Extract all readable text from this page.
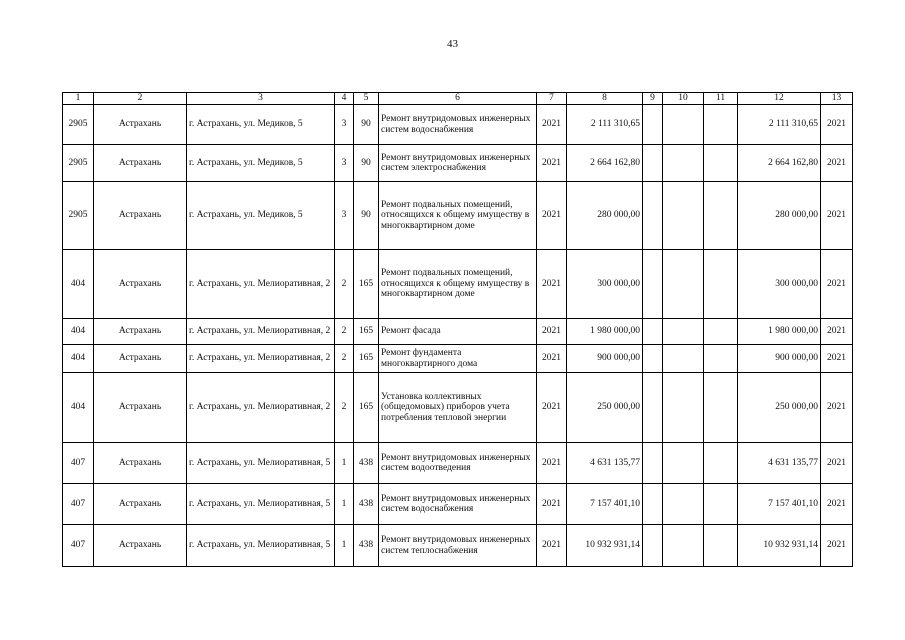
43
1	2	3	4	5	6	7	8	9	10	11	12	13
2905	Астрахань	г. Астрахань, ул. Медиков, 5	3	90	Ремонт внутридомовых инженерных систем водоснабжения	2021	2 111 310,65				2 111 310,65	2021
2905	Астрахань	г. Астрахань, ул. Медиков, 5	3	90	Ремонт внутридомовых инженерных систем электроснабжения	2021	2 664 162,80				2 664 162,80	2021
2905	Астрахань	г. Астрахань, ул. Медиков, 5	3	90	Ремонт подвальных помещений, относящихся к общему имуществу в многоквартирном доме	2021	280 000,00				280 000,00	2021
404	Астрахань	г. Астрахань, ул. Мелиоративная, 2	2	165	Ремонт подвальных помещений, относящихся к общему имуществу в многоквартирном доме	2021	300 000,00				300 000,00	2021
404	Астрахань	г. Астрахань, ул. Мелиоративная, 2	2	165	Ремонт фасада	2021	1 980 000,00				1 980 000,00	2021
404	Астрахань	г. Астрахань, ул. Мелиоративная, 2	2	165	Ремонт фундамента многоквартирного дома	2021	900 000,00				900 000,00	2021
404	Астрахань	г. Астрахань, ул. Мелиоративная, 2	2	165	Установка коллективных (общедомовых) приборов учета потребления тепловой энергии	2021	250 000,00				250 000,00	2021
407	Астрахань	г. Астрахань, ул. Мелиоративная, 5	1	438	Ремонт внутридомовых инженерных систем водоотведения	2021	4 631 135,77				4 631 135,77	2021
407	Астрахань	г. Астрахань, ул. Мелиоративная, 5	1	438	Ремонт внутридомовых инженерных систем водоснабжения	2021	7 157 401,10				7 157 401,10	2021
407	Астрахань	г. Астрахань, ул. Мелиоративная, 5	1	438	Ремонт внутридомовых инженерных систем теплоснабжения	2021	10 932 931,14				10 932 931,14	2021
